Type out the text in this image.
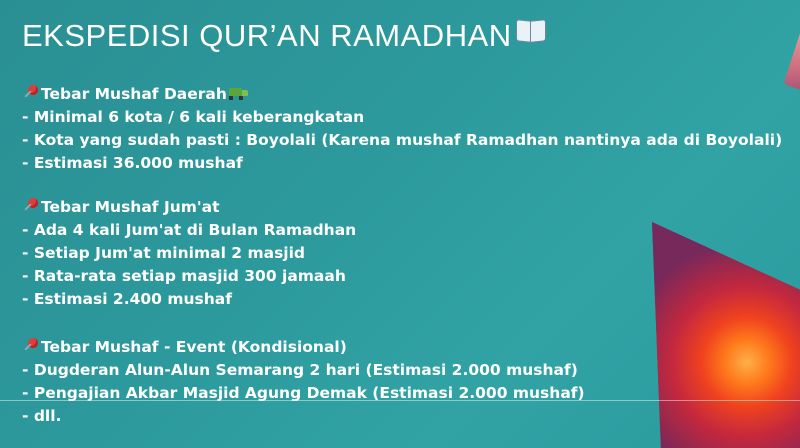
EKSPEDISI QUR’AN RAMADHAN
Tebar Mushaf Daerah
- Minimal 6 kota / 6 kali keberangkatan
- Kota yang sudah pasti : Boyolali (Karena mushaf Ramadhan nantinya ada di Boyolali)
- Estimasi 36.000 mushaf
Tebar Mushaf Jum'at
- Ada 4 kali Jum'at di Bulan Ramadhan
- Setiap Jum'at minimal 2 masjid
- Rata-rata setiap masjid 300 jamaah
- Estimasi 2.400 mushaf
Tebar Mushaf - Event (Kondisional)
- Dugderan Alun-Alun Semarang 2 hari (Estimasi 2.000 mushaf)
- Pengajian Akbar Masjid Agung Demak (Estimasi 2.000 mushaf)
- dll.
